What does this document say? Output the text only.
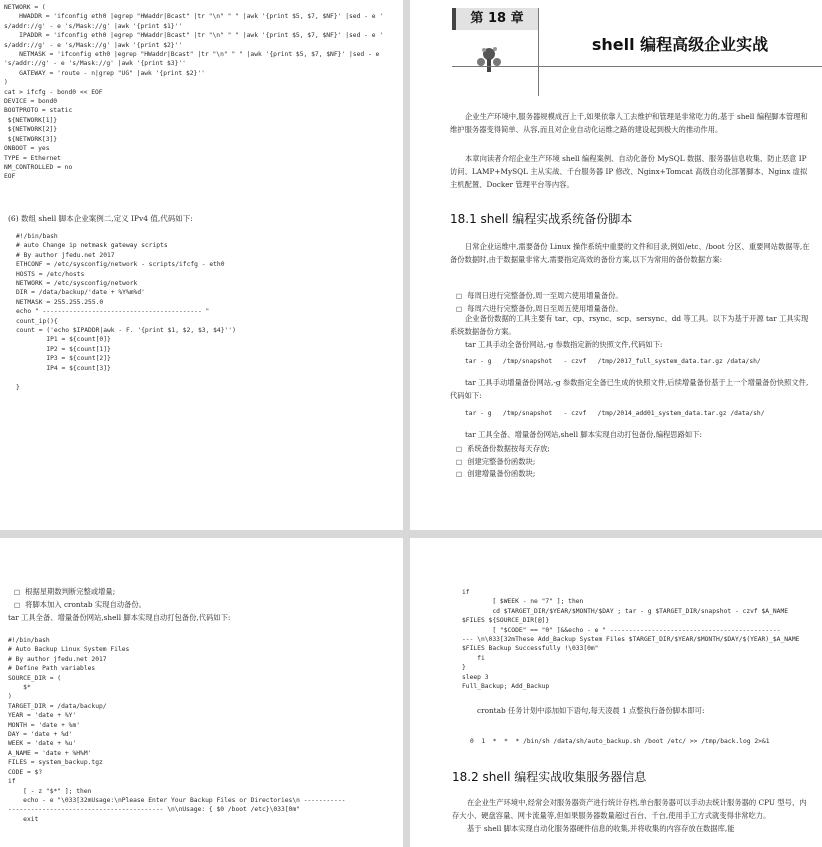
NETWORK = (
HWADDR = 'ifconfig eth0 |egrep "HWaddr|Bcast" |tr "\n" " " |awk '{print $5, $7, $NF}' |sed - e '
s/addr://g' - e 's/Mask://g' |awk '{print $1}''
IPADDR = 'ifconfig eth0 |egrep "HWaddr|Bcast" |tr "\n" " " |awk '{print $5, $7, $NF}' |sed - e '
s/addr://g' - e 's/Mask://g' |awk '{print $2}''
NETMASK = 'ifconfig eth0 |egrep "HWaddr|Bcast" |tr "\n" " " |awk '{print $5, $7, $NF}' |sed - e
's/addr://g' - e 's/Mask://g' |awk '{print $3}''
GATEWAY = 'route - n|grep "UG" |awk '{print $2}''
)
cat > ifcfg - bond0 << EOF
DEVICE = bond0
BOOTPROTO = static
${NETWORK[1]}
${NETWORK[2]}
${NETWORK[3]}
ONBOOT = yes
TYPE = Ethernet
NM_CONTROLLED = no
EOF
(6) 数组 shell 脚本企业案例二,定义 IPv4 值,代码如下:
#!/bin/bash
# auto Change ip netmask gateway scripts
# By author jfedu.net 2017
ETHCONF = /etc/sysconfig/network - scripts/ifcfg - eth0
HOSTS = /etc/hosts
NETWORK = /etc/sysconfig/network
DIR = /data/backup/'date + %Y%m%d'
NETMASK = 255.255.255.0
echo " ------------------------------------------ "
count_ip(){
count = ('echo $IPADDR|awk - F. '{print $1, $2, $3, $4}'')
IP1 = ${count[0]}
IP2 = ${count[1]}
IP3 = ${count[2]}
IP4 = ${count[3]}

}
第 18 章
shell 编程高级企业实战

企业生产环境中,服务器规模成百上千,如果依靠人工去维护和管理是非常吃力的,基于 shell 编程脚本管理和维护服务器变得简单、从容,而且对企业自动化运维之路的建设起到极大的推动作用。

本章向读者介绍企业生产环境 shell 编程案例、自动化备份 MySQL 数据、服务器信息收集、防止恶意 IP 访问、LAMP+MySQL 主从实战、千台服务器 IP 修改、Nginx+Tomcat 高级自动化部署脚本、Nginx 虚拟主机配置、Docker 管理平台等内容。

18.1 shell 编程实战系统备份脚本

日常企业运维中,需要备份 Linux 操作系统中重要的文件和目录,例如/etc、/boot 分区、重要网站数据等,在备份数据时,由于数据量非常大,需要指定高效的备份方案,以下为常用的备份数据方案:

□ 每周日进行完整备份,周一至周六使用增量备份。
□ 每周六进行完整备份,周日至周五使用增量备份。

企业备份数据的工具主要有 tar、cp、rsync、scp、sersync、dd 等工具。以下为基于开源 tar 工具实现系统数据备份方案。

tar 工具手动全备份网站,-g 参数指定新的快照文件,代码如下:

tar - g   /tmp/snapshot   - czvf   /tmp/2017_full_system_data.tar.gz /data/sh/

tar 工具手动增量备份网站,-g 参数指定全备已生成的快照文件,后续增量备份基于上一个增量备份快照文件,代码如下:

tar - g   /tmp/snapshot   - czvf   /tmp/2014_add01_system_data.tar.gz /data/sh/

tar 工具全备、增量备份网站,shell 脚本实现自动打包备份,编程思路如下:

□ 系统备份数据按每天存放;
□ 创建完整备份函数块;
□ 创建增量备份函数块;
□ 根据星期数判断完整或增量;
□ 将脚本加入 crontab 实现自动备份。

tar 工具全备、增量备份网站,shell 脚本实现自动打包备份,代码如下:

#!/bin/bash
# Auto Backup Linux System Files
# By author jfedu.net 2017
# Define Path variables
SOURCE_DIR = (
$*
)
TARGET_DIR = /data/backup/
YEAR = 'date + %Y'
MONTH = 'date + %m'
DAY = 'date + %d'
WEEK = 'date + %u'
A_NAME = 'date + %H%M'
FILES = system_backup.tgz
CODE = $?
if
[ - z "$*" ]; then
echo - e "\033[32mUsage:\nPlease Enter Your Backup Files or Directories\n -----------
----------------------------------------- \n\nUsage: { $0 /boot /etc}\033[0m"
exit
if
[ $WEEK - ne "7" ]; then
cd $TARGET_DIR/$YEAR/$MONTH/$DAY ; tar - g $TARGET_DIR/snapshot - czvf $A_NAME
$FILES ${SOURCE_DIR[@]}
[ "$CODE" == "0" ]&&echo - e " ---------------------------------------------
--- \n\033[32mThese Add_Backup System Files $TARGET_DIR/$YEAR/$MONTH/$DAY/$(YEAR)_$A_NAME
$FILES Backup Successfully !\033[0m"
fi
}
sleep 3
Full_Backup; Add_Backup

crontab 任务计划中添加如下语句,每天凌晨 1 点整执行备份脚本即可:

0  1  *  *  * /bin/sh /data/sh/auto_backup.sh /boot /etc/ >> /tmp/back.log 2>&1
18.2 shell 编程实战收集服务器信息

在企业生产环境中,经常会对服务器资产进行统计存档,单台服务器可以手动去统计服务器的 CPU 型号、内存大小、硬盘容量、网卡流量等,但如果服务器数量超过百台、千台,使用手工方式就变得非常吃力。

基于 shell 脚本实现自动化服务器硬件信息的收集,并将收集的内容存放在数据库,能
